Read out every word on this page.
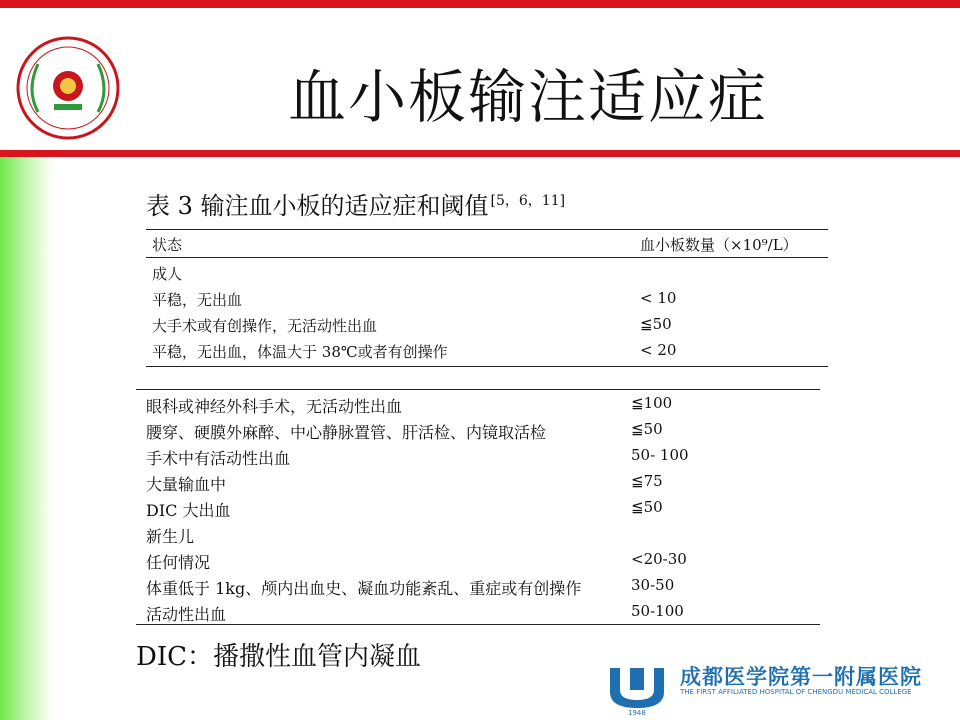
血小板输注适应症
表 3 输注血小板的适应症和阈值 [5，6，11]
状态	血小板数量（×10⁹/L）
成人
平稳，无出血	< 10
大手术或有创操作，无活动性出血	≦50
平稳，无出血，体温大于 38℃或者有创操作	< 20
眼科或神经外科手术，无活动性出血	≦100
腰穿、硬膜外麻醉、中心静脉置管、肝活检、内镜取活检	≦50
手术中有活动性出血	50- 100
大量输血中	≦75
DIC 大出血	≦50
新生儿
任何情况	<20-30
体重低于 1kg、颅内出血史、凝血功能紊乱、重症或有创操作	30-50
活动性出血	50-100
DIC：播撒性血管内凝血
1948
成都医学院第一附属医院
THE FIRST AFFILIATED HOSPITAL OF CHENGDU MEDICAL COLLEGE
